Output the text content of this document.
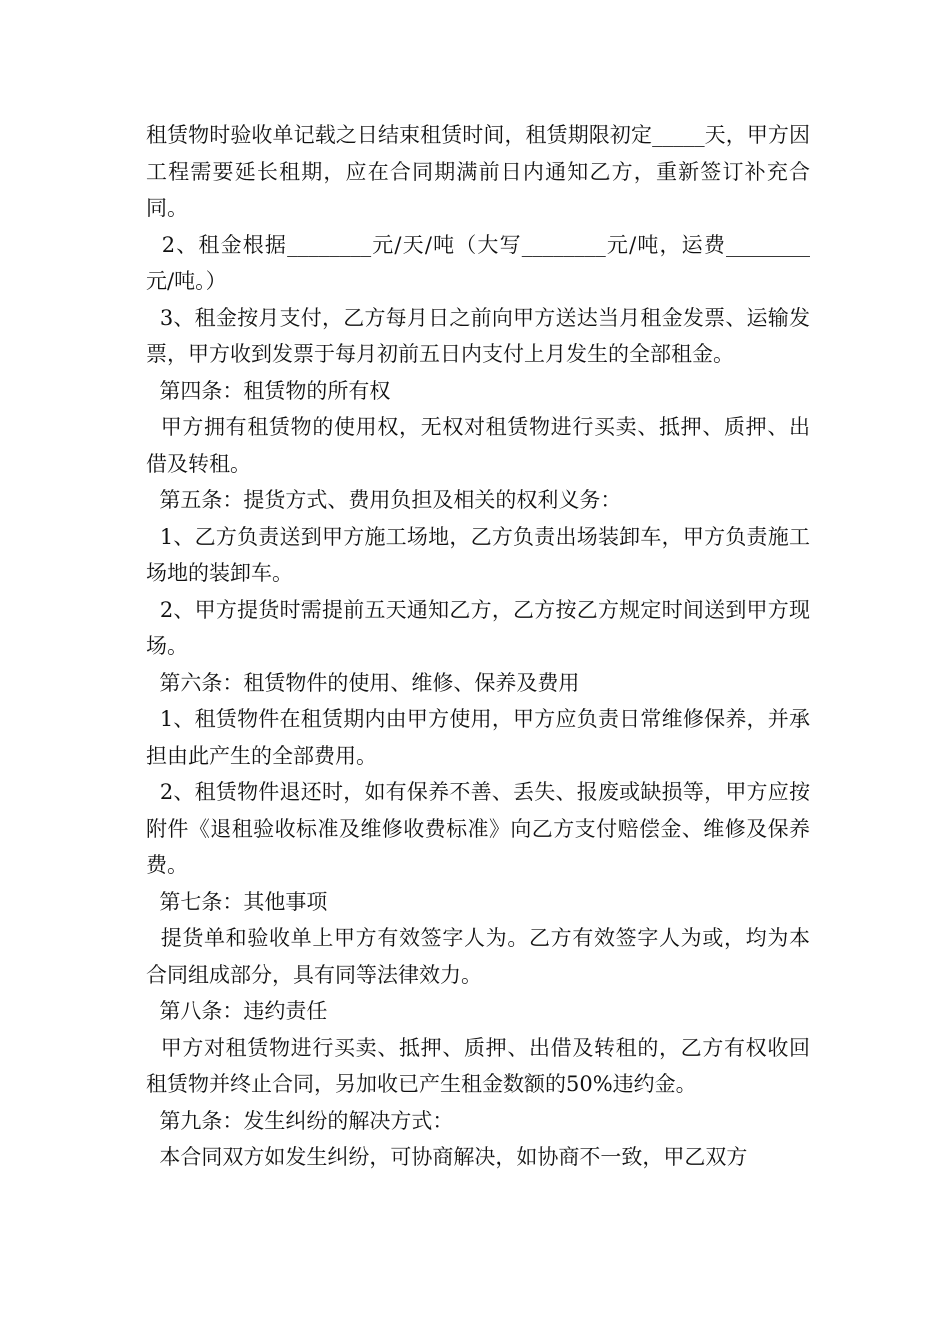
租赁物时验收单记载之日结束租赁时间，租赁期限初定_____天，甲方因工程需要延长租期，应在合同期满前日内通知乙方，重新签订补充合同。

2、租金根据________元/天/吨（大写________元/吨，运费________元/吨。）

3、租金按月支付，乙方每月日之前向甲方送达当月租金发票、运输发票，甲方收到发票于每月初前五日内支付上月发生的全部租金。

第四条：租赁物的所有权

甲方拥有租赁物的使用权，无权对租赁物进行买卖、抵押、质押、出借及转租。

第五条：提货方式、费用负担及相关的权利义务：

1、乙方负责送到甲方施工场地，乙方负责出场装卸车，甲方负责施工场地的装卸车。

2、甲方提货时需提前五天通知乙方，乙方按乙方规定时间送到甲方现场。

第六条：租赁物件的使用、维修、保养及费用

1、租赁物件在租赁期内由甲方使用，甲方应负责日常维修保养，并承担由此产生的全部费用。

2、租赁物件退还时，如有保养不善、丢失、报废或缺损等，甲方应按附件《退租验收标准及维修收费标准》向乙方支付赔偿金、维修及保养费。

第七条：其他事项

提货单和验收单上甲方有效签字人为。乙方有效签字人为或，均为本合同组成部分，具有同等法律效力。

第八条：违约责任

甲方对租赁物进行买卖、抵押、质押、出借及转租的，乙方有权收回租赁物并终止合同，另加收已产生租金数额的50%违约金。

第九条：发生纠纷的解决方式：

本合同双方如发生纠纷，可协商解决，如协商不一致，甲乙双方
